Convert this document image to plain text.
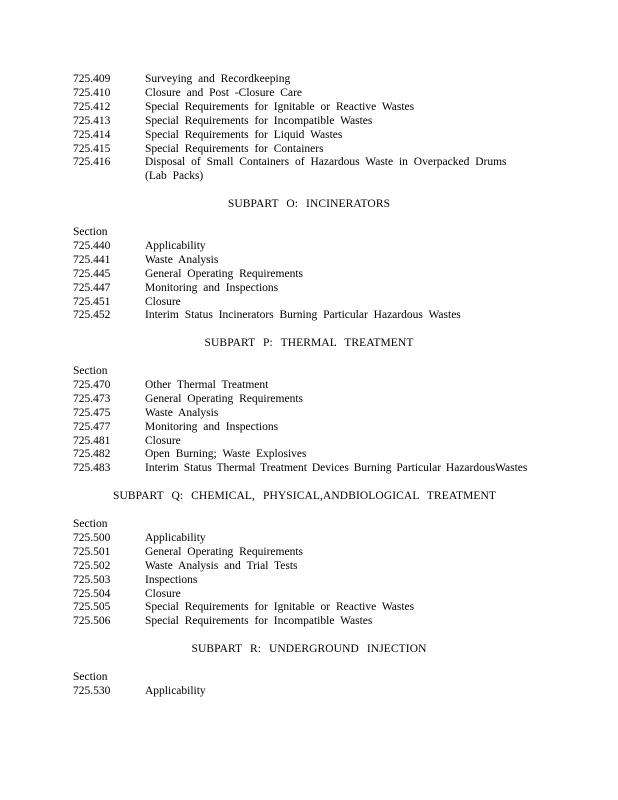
725.409	Surveying and Recordkeeping
725.410	Closure and Post -Closure Care
725.412	Special Requirements for Ignitable or Reactive Wastes
725.413	Special Requirements for Incompatible Wastes
725.414	Special Requirements for Liquid Wastes
725.415	Special Requirements for Containers
725.416	Disposal of Small Containers of Hazardous Waste in Overpacked Drums (Lab Packs)
SUBPART O: INCINERATORS
Section
725.440	Applicability
725.441	Waste Analysis
725.445	General Operating Requirements
725.447	Monitoring and Inspections
725.451	Closure
725.452	Interim Status Incinerators Burning Particular Hazardous Wastes
SUBPART P: THERMAL TREATMENT
Section
725.470	Other Thermal Treatment
725.473	General Operating Requirements
725.475	Waste Analysis
725.477	Monitoring and Inspections
725.481	Closure
725.482	Open Burning; Waste Explosives
725.483	Interim Status Thermal Treatment Devices Burning Particular HazardousWastes
SUBPART Q: CHEMICAL, PHYSICAL,ANDBIOLOGICAL TREATMENT
Section
725.500	Applicability
725.501	General Operating Requirements
725.502	Waste Analysis and Trial Tests
725.503	Inspections
725.504	Closure
725.505	Special Requirements for Ignitable or Reactive Wastes
725.506	Special Requirements for Incompatible Wastes
SUBPART R: UNDERGROUND INJECTION
Section
725.530	Applicability
